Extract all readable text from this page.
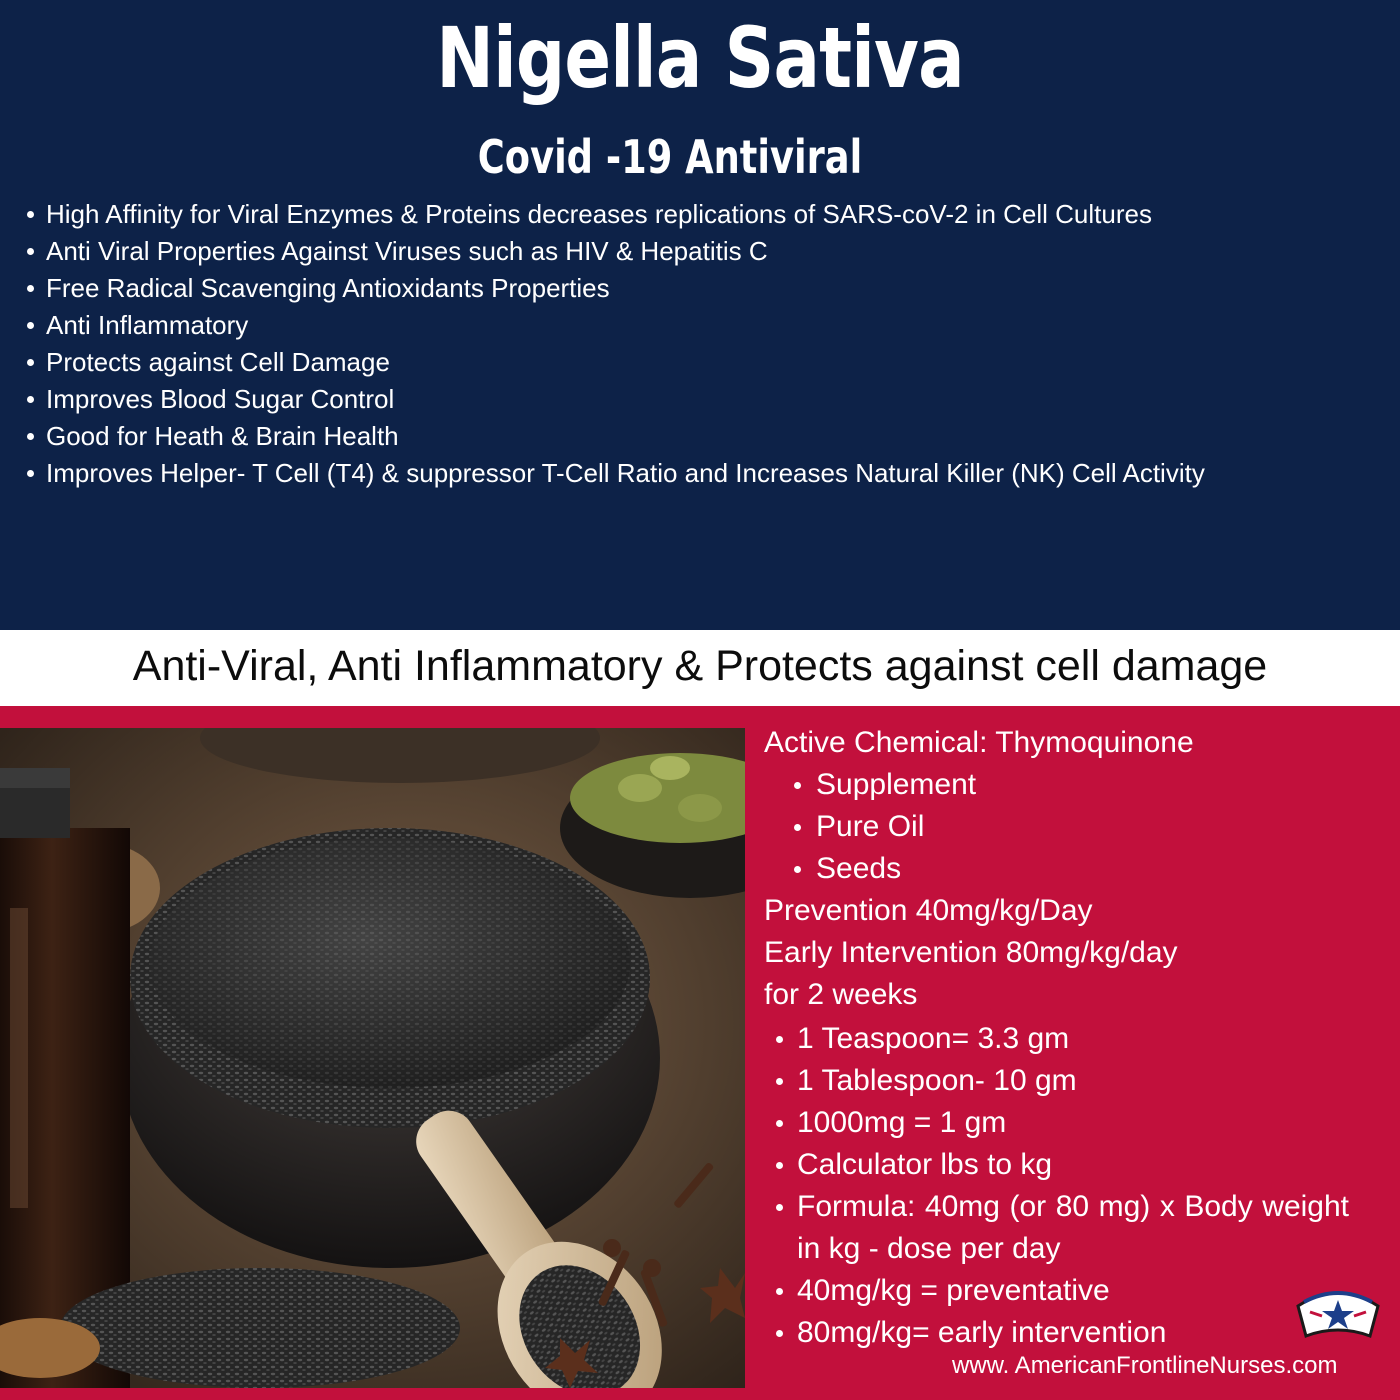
Nigella Sativa
Covid -19 Antiviral
High Affinity for Viral Enzymes & Proteins decreases replications of SARS-coV-2 in Cell Cultures
Anti Viral Properties Against Viruses such as HIV & Hepatitis C
Free Radical Scavenging Antioxidants Properties
Anti Inflammatory
Protects against Cell Damage
Improves Blood Sugar Control
Good for Heath & Brain Health
Improves Helper- T Cell (T4) & suppressor T-Cell Ratio and Increases Natural Killer (NK) Cell Activity
Anti-Viral, Anti Inflammatory & Protects against cell damage
Active Chemical: Thymoquinone
Supplement
Pure Oil
Seeds
Prevention 40mg/kg/Day
Early Intervention 80mg/kg/day
for 2 weeks
1 Teaspoon= 3.3 gm
1 Tablespoon- 10 gm
1000mg = 1 gm
Calculator lbs to kg
Formula: 40mg (or 80 mg) x Body weight in kg - dose per day
40mg/kg = preventative
80mg/kg= early intervention
www. AmericanFrontlineNurses.com
